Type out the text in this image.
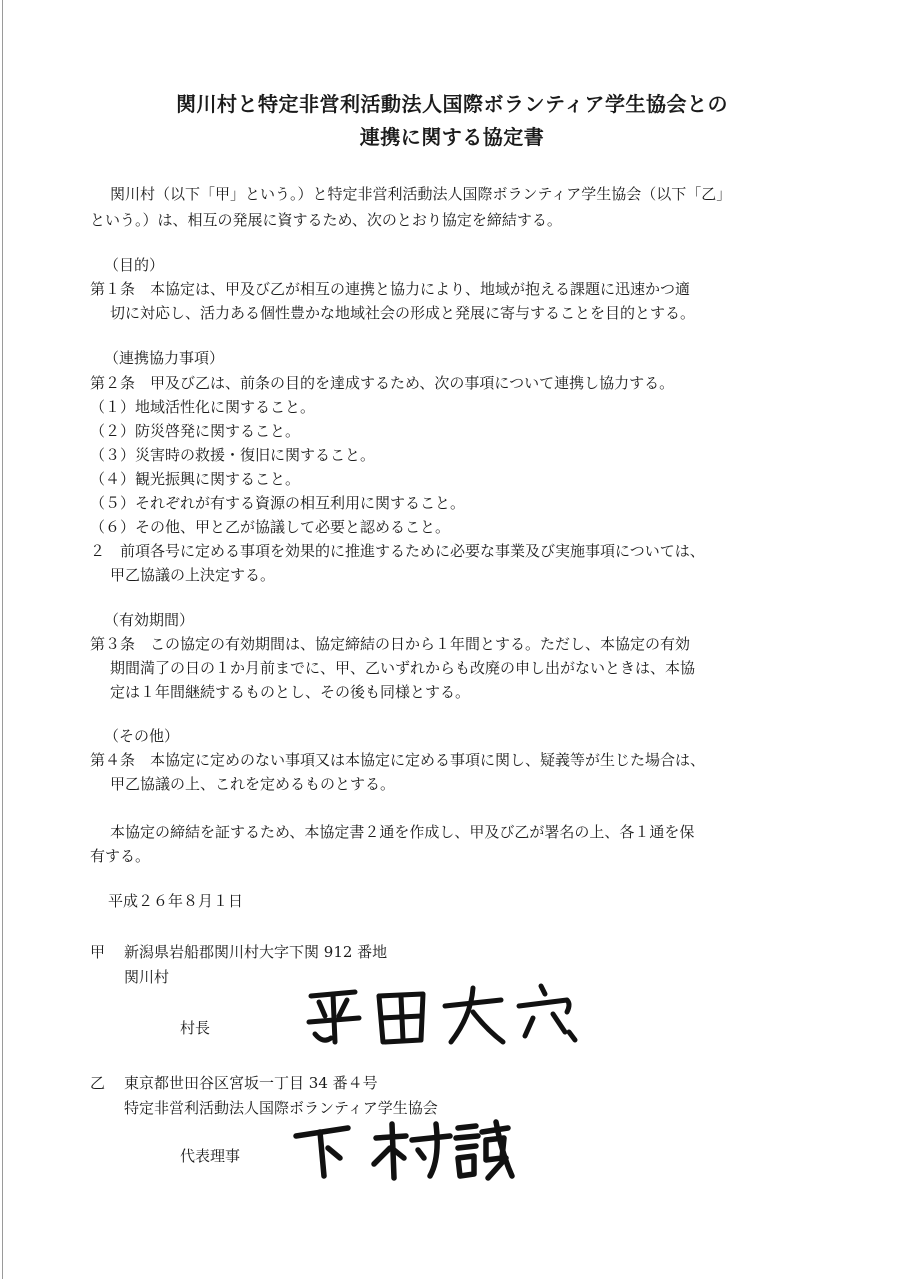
関川村と特定非営利活動法人国際ボランティア学生協会との
連携に関する協定書
関川村（以下「甲」という。）と特定非営利活動法人国際ボランティア学生協会（以下「乙」
という。）は、相互の発展に資するため、次のとおり協定を締結する。
（目的）
第１条　本協定は、甲及び乙が相互の連携と協力により、地域が抱える課題に迅速かつ適
切に対応し、活力ある個性豊かな地域社会の形成と発展に寄与することを目的とする。
（連携協力事項）
第２条　甲及び乙は、前条の目的を達成するため、次の事項について連携し協力する。
（１）地域活性化に関すること。
（２）防災啓発に関すること。
（３）災害時の救援・復旧に関すること。
（４）観光振興に関すること。
（５）それぞれが有する資源の相互利用に関すること。
（６）その他、甲と乙が協議して必要と認めること。
２　前項各号に定める事項を効果的に推進するために必要な事業及び実施事項については、
甲乙協議の上決定する。
（有効期間）
第３条　この協定の有効期間は、協定締結の日から１年間とする。ただし、本協定の有効
期間満了の日の１か月前までに、甲、乙いずれからも改廃の申し出がないときは、本協
定は１年間継続するものとし、その後も同様とする。
（その他）
第４条　本協定に定めのない事項又は本協定に定める事項に関し、疑義等が生じた場合は、
甲乙協議の上、これを定めるものとする。
本協定の締結を証するため、本協定書２通を作成し、甲及び乙が署名の上、各１通を保
有する。
平成２６年８月１日
甲 新潟県岩船郡関川村大字下関 912 番地
関川村
村長
乙 東京都世田谷区宮坂一丁目 34 番４号
特定非営利活動法人国際ボランティア学生協会
代表理事
